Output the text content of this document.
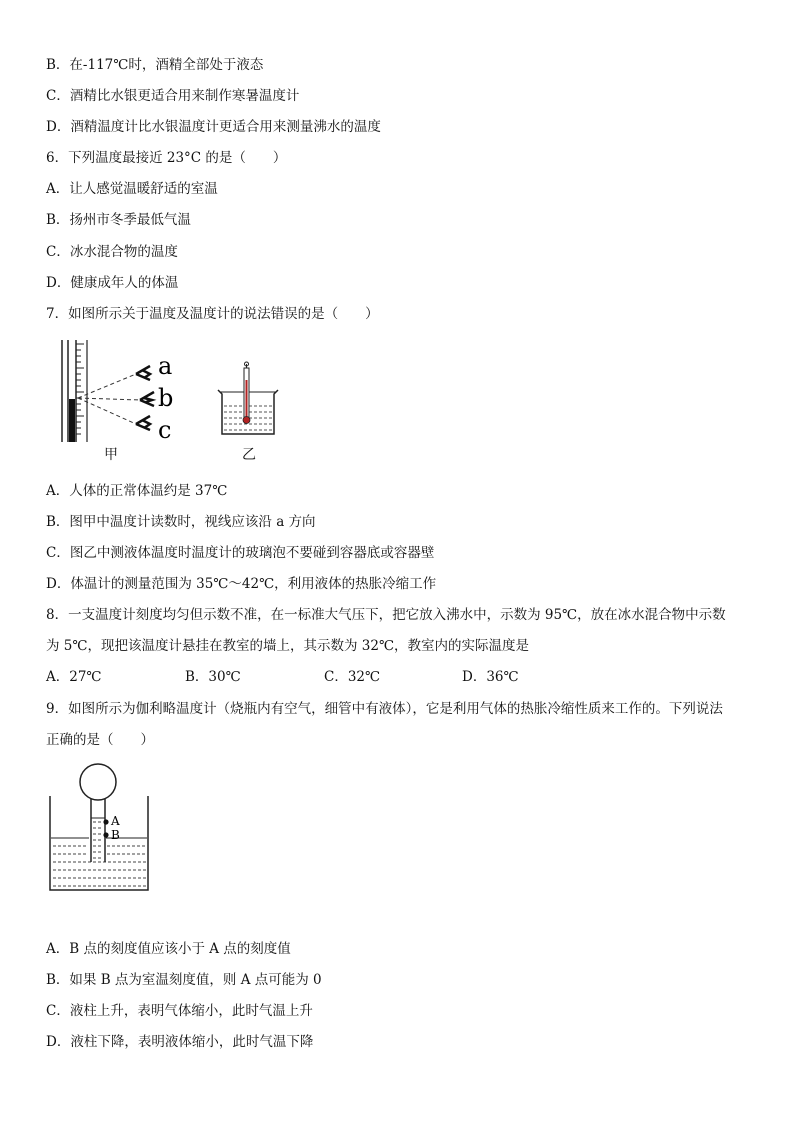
B．在-117℃时，酒精全部处于液态
C．酒精比水银更适合用来制作寒暑温度计
D．酒精温度计比水银温度计更适合用来测量沸水的温度
6．下列温度最接近 23°C 的是（　　）
A．让人感觉温暖舒适的室温
B．扬州市冬季最低气温
C．冰水混合物的温度
D．健康成年人的体温
7．如图所示关于温度及温度计的说法错误的是（　　）
a
b
c
甲	乙
A．人体的正常体温约是 37℃
B．图甲中温度计读数时，视线应该沿 a 方向
C．图乙中测液体温度时温度计的玻璃泡不要碰到容器底或容器壁
D．体温计的测量范围为 35℃～42℃，利用液体的热胀冷缩工作
8．一支温度计刻度均匀但示数不准，在一标准大气压下，把它放入沸水中，示数为 95℃，放在冰水混合物中示数
为 5℃，现把该温度计悬挂在教室的墙上，其示数为 32℃，教室内的实际温度是
A．27℃	B．30℃	C．32℃	D．36℃
9．如图所示为伽利略温度计（烧瓶内有空气，细管中有液体），它是利用气体的热胀冷缩性质来工作的。下列说法
正确的是（　　）
A
B
A．B 点的刻度值应该小于 A 点的刻度值
B．如果 B 点为室温刻度值，则 A 点可能为 0
C．液柱上升，表明气体缩小，此时气温上升
D．液柱下降，表明液体缩小，此时气温下降
